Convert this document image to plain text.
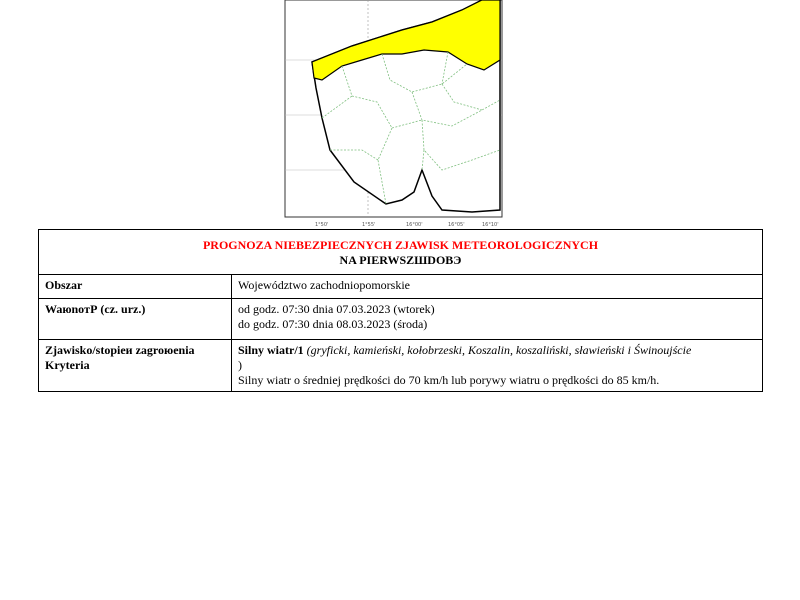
1°50'	1°55'	16°00'	16°05'	16°10'
PROGNOZA NIEBEZPIECZNYCH ZJAWISK METEOROLOGICZNYCH
NA PIERWSZШDOBЭ	

Obszar	Województwo zachodniopomorskie
WaюnoтР (cz. urz.)	od godz. 07:30 dnia 07.03.2023 (wtorek)
do godz. 07:30 dnia 08.03.2023 (środa)

Zjawisko/stopieи zagroюenia
Kryteria	Silny wiatr/1 (gryficki, kamieński, kołobrzeski, Koszalin, koszaliński, sławieński i Świnoujście
)
Silny wiatr o średniej prędkości do 70 km/h lub porywy wiatru o prędkości do 85 km/h.
